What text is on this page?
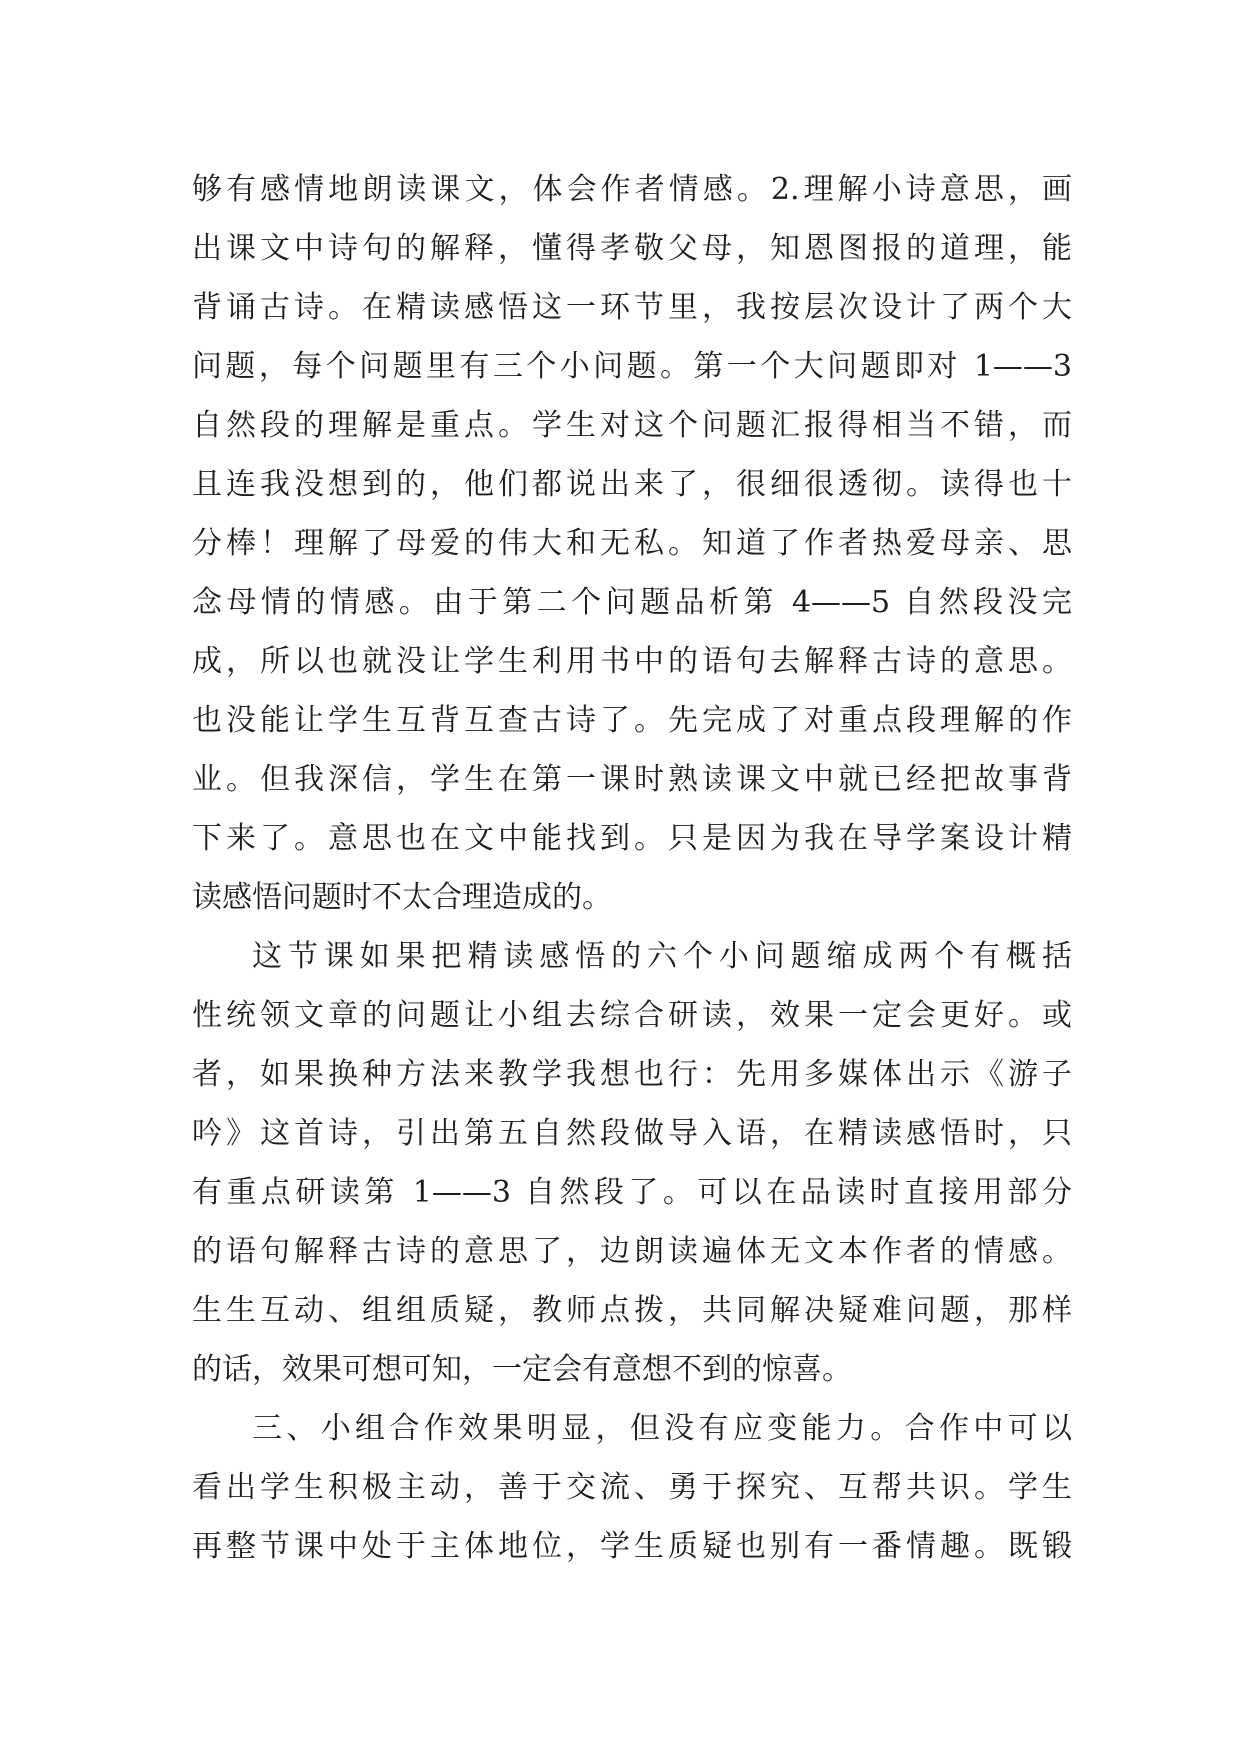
够有感情地朗读课文，体会作者情感。2.理解小诗意思，画
出课文中诗句的解释，懂得孝敬父母，知恩图报的道理，能
背诵古诗。在精读感悟这一环节里，我按层次设计了两个大
问题，每个问题里有三个小问题。第一个大问题即对 1——3
自然段的理解是重点。学生对这个问题汇报得相当不错，而
且连我没想到的，他们都说出来了，很细很透彻。读得也十
分棒！理解了母爱的伟大和无私。知道了作者热爱母亲、思
念母情的情感。由于第二个问题品析第 4——5 自然段没完
成，所以也就没让学生利用书中的语句去解释古诗的意思。
也没能让学生互背互查古诗了。先完成了对重点段理解的作
业。但我深信，学生在第一课时熟读课文中就已经把故事背
下来了。意思也在文中能找到。只是因为我在导学案设计精
读感悟问题时不太合理造成的。
这节课如果把精读感悟的六个小问题缩成两个有概括
性统领文章的问题让小组去综合研读，效果一定会更好。或
者，如果换种方法来教学我想也行：先用多媒体出示《游子
吟》这首诗，引出第五自然段做导入语，在精读感悟时，只
有重点研读第 1——3 自然段了。可以在品读时直接用部分
的语句解释古诗的意思了，边朗读遍体无文本作者的情感。
生生互动、组组质疑，教师点拨，共同解决疑难问题，那样
的话，效果可想可知，一定会有意想不到的惊喜。
三、小组合作效果明显，但没有应变能力。合作中可以
看出学生积极主动，善于交流、勇于探究、互帮共识。学生
再整节课中处于主体地位，学生质疑也别有一番情趣。既锻
